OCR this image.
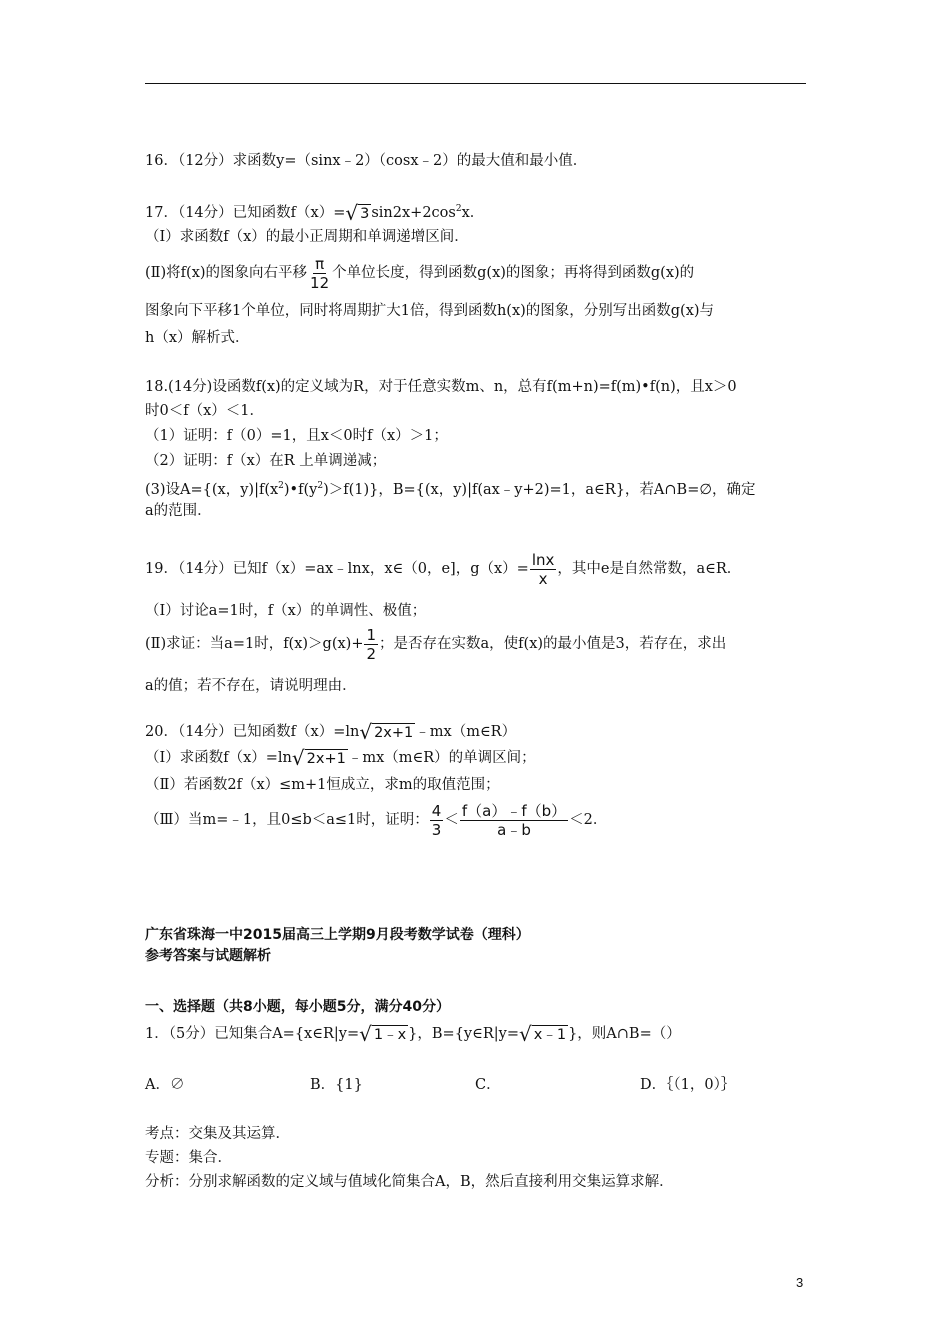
16．（12分）求函数y=（sinx﹣2）（cosx﹣2）的最大值和最小值．
17．（14分）已知函数f（x）= √ 3 $\sin 2x+2\cos^2x$．
（Ⅰ）求函数f（x）的最小正周期和单调递增区间．
(Ⅱ)将f(x)的图象向右平移 $\frac{\pi}{12}$ 个单位长度，得到函数g(x)的图象；再将得到函数g(x)的
图象向下平移1个单位，同时将周期扩大1倍，得到函数h(x)的图象，分别写出函数g(x)与
h（x）解析式．
18.(14分)设函数f(x)的定义域为R，对于任意实数m、n，总有f(m+n)=f(m)•f(n)，且x＞0
时0＜f（x）＜1．
（1）证明：f（0）=1，且x＜0时f（x）＞1；
（2）证明：f（x）在R 上单调递减；
(3)设A={(x，$y)|f(x^2)•f(y^2)>f(1)$}，B={(x，y)|f(ax﹣y+2)=1，a∈R}，若A∩B=∅，确定
a的范围．
19．（14分）已知f（x）=ax﹣lnx，x∈（0，e]，$g(x)= \frac{\ln x}{x}$ ，其中e是自然常数，a∈R．
（Ⅰ）讨论a=1时，f（x）的单调性、极值；
(Ⅱ)求证：当a=1时，$f(x)>g(x)+ \frac{1}{2}$ ；是否存在实数a，使f(x)的最小值是3，若存在，求出
a的值；若不存在，请说明理由．
20．（14分）已知函数f（x）=ln √ 2x+1 ﹣mx（m∈R）
（Ⅰ）求函数f（x）=ln √ 2x+1 ﹣mx（m∈R）的单调区间；
（Ⅱ）若函数2f（x）≤m+1恒成立，求m的取值范围；
（Ⅲ）当m=﹣1，且0≤b＜a≤1时，证明： $\frac{4}{3} < \frac{f(a)﹣f(b)}{a﹣b} <2$．
广东省珠海一中2015届高三上学期9月段考数学试卷（理科）
参考答案与试题解析
一、选择题（共8小题，每小题5分，满分40分）
1．（5分）已知集合A={x∈R|y= √ 1﹣x }，B={y∈R|y= √ x﹣1 }，则A∩B=（）
A．∅	B．{1}	C．	D．｛（1，0）｝
考点：交集及其运算．
专题：集合．
分析：分别求解函数的定义域与值域化简集合A，B，然后直接利用交集运算求解．
3
